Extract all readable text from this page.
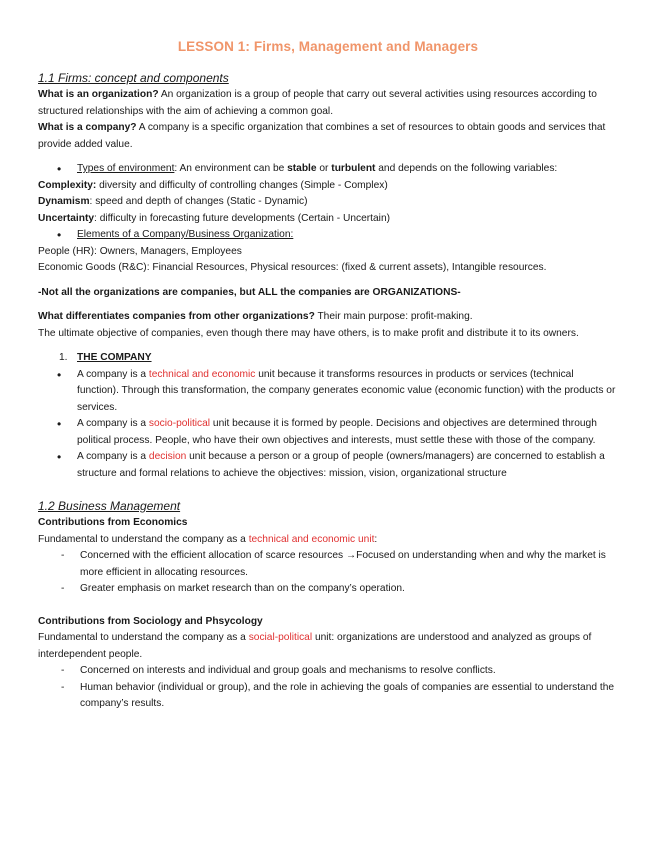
LESSON 1: Firms, Management and Managers
1.1 Firms: concept and components

What is an organization? An organization is a group of people that carry out several activities using resources according to structured relationships with the aim of achieving a common goal.

What is a company? A company is a specific organization that combines a set of resources to obtain goods and services that provide added value.

• Types of environment: An environment can be stable or turbulent and depends on the following variables:

Complexity: diversity and difficulty of controlling changes (Simple - Complex)

Dynamism: speed and depth of changes (Static - Dynamic)

Uncertainty: difficulty in forecasting future developments (Certain - Uncertain)

• Elements of a Company/Business Organization:

People (HR): Owners, Managers, Employees

Economic Goods (R&C): Financial Resources, Physical resources: (fixed & current assets), Intangible resources.

-Not all the organizations are companies, but ALL the companies are ORGANIZATIONS-

What differentiates companies from other organizations? Their main purpose: profit-making.

The ultimate objective of companies, even though there may have others, is to make profit and distribute it to its owners.

1. THE COMPANY
• A company is a technical and economic unit because it transforms resources in products or services (technical function). Through this transformation, the company generates economic value (economic function) with the products or services.
• A company is a socio-political unit because it is formed by people. Decisions and objectives are determined through political process. People, who have their own objectives and interests, must settle these with those of the company.
• A company is a decision unit because a person or a group of people (owners/managers) are concerned to establish a structure and formal relations to achieve the objectives: mission, vision, organizational structure
1.2 Business Management

Contributions from Economics

Fundamental to understand the company as a technical and economic unit:

- Concerned with the efficient allocation of scarce resources →Focused on understanding when and why the market is more efficient in allocating resources.
- Greater emphasis on market research than on the company’s operation.

Contributions from Sociology and Phsycology

Fundamental to understand the company as a social-political unit: organizations are understood and analyzed as groups of interdependent people.

- Concerned on interests and individual and group goals and mechanisms to resolve conflicts.
- Human behavior (individual or group), and the role in achieving the goals of companies are essential to understand the company’s results.
